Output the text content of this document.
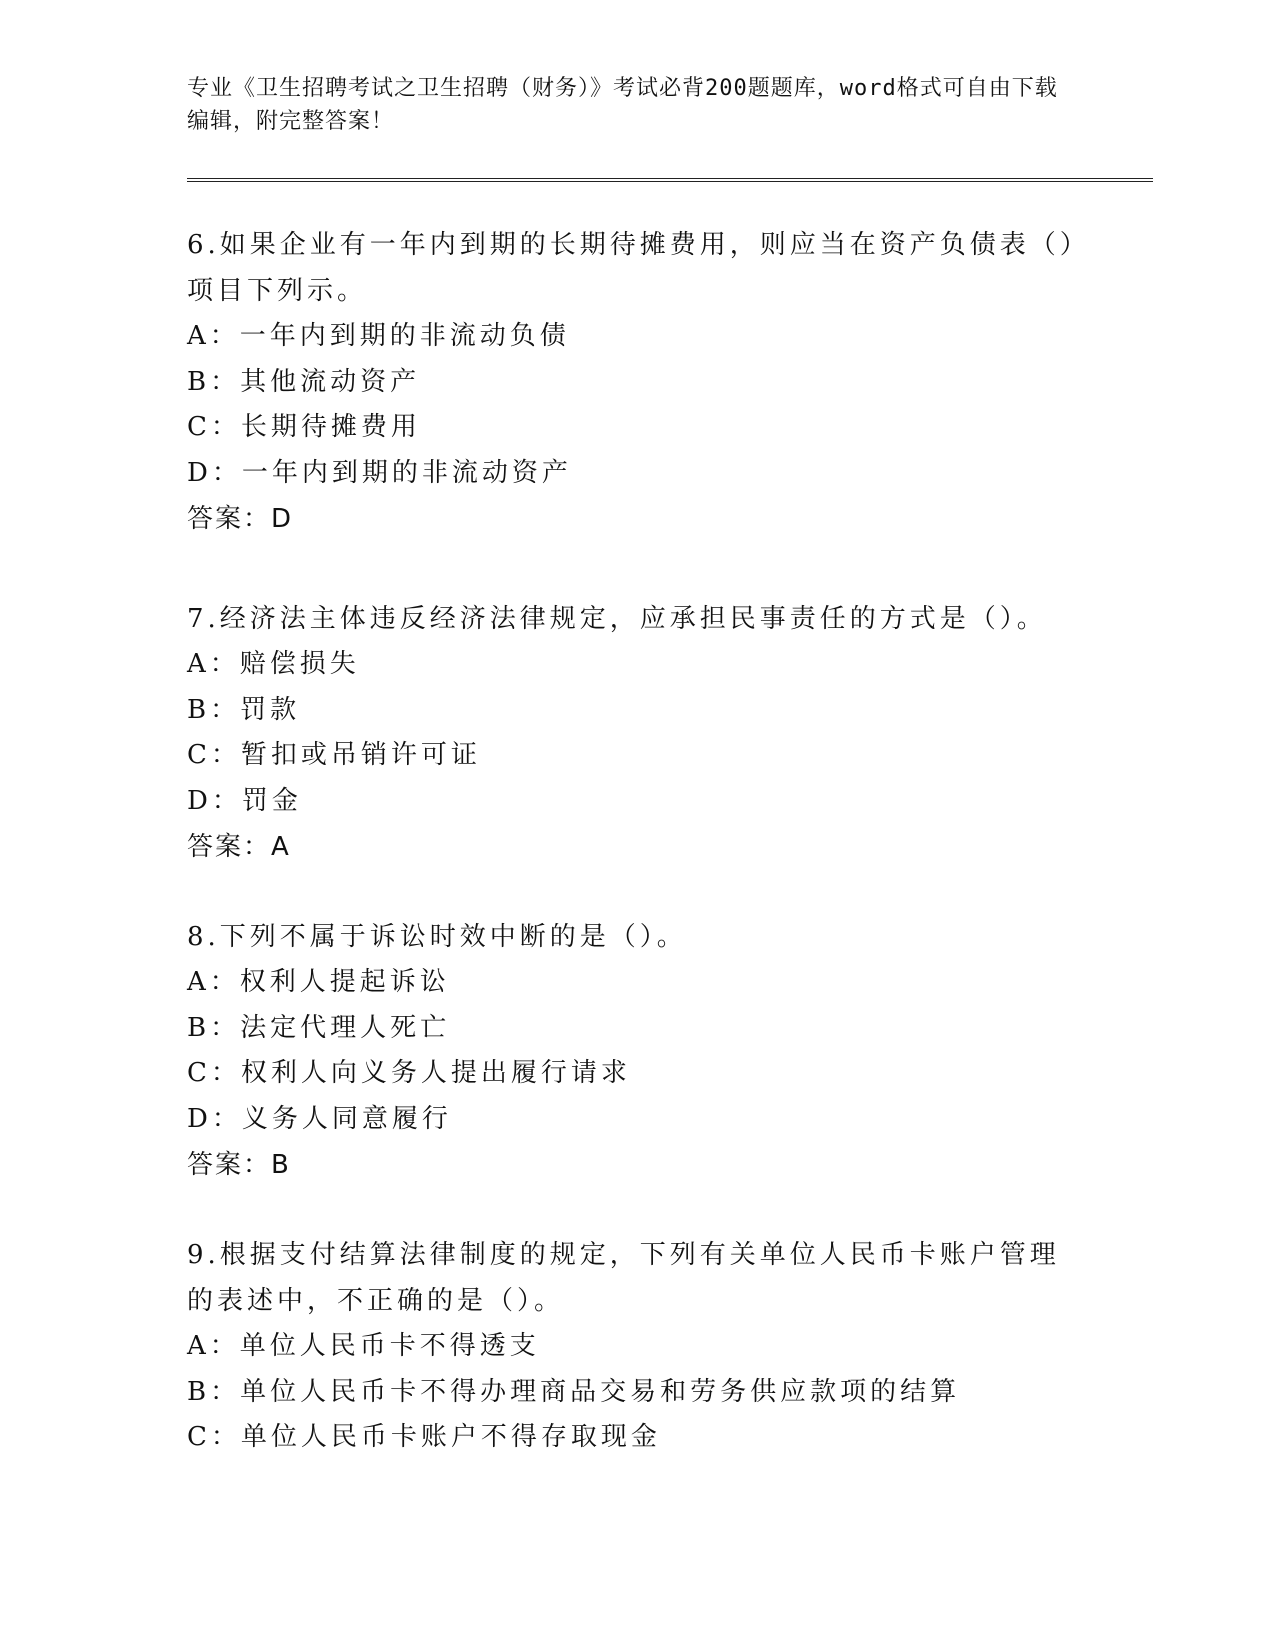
专业《卫生招聘考试之卫生招聘（财务）》考试必背200题题库，word格式可自由下载编辑，附完整答案！

6.如果企业有一年内到期的长期待摊费用，则应当在资产负债表（）项目下列示。

A：一年内到期的非流动负债

B：其他流动资产

C：长期待摊费用

D：一年内到期的非流动资产

答案：D

7.经济法主体违反经济法律规定，应承担民事责任的方式是（）。

A：赔偿损失

B：罚款

C：暂扣或吊销许可证

D：罚金

答案：A

8.下列不属于诉讼时效中断的是（）。

A：权利人提起诉讼

B：法定代理人死亡

C：权利人向义务人提出履行请求

D：义务人同意履行

答案：B

9.根据支付结算法律制度的规定，下列有关单位人民币卡账户管理的表述中，不正确的是（）。

A：单位人民币卡不得透支

B：单位人民币卡不得办理商品交易和劳务供应款项的结算

C：单位人民币卡账户不得存取现金
